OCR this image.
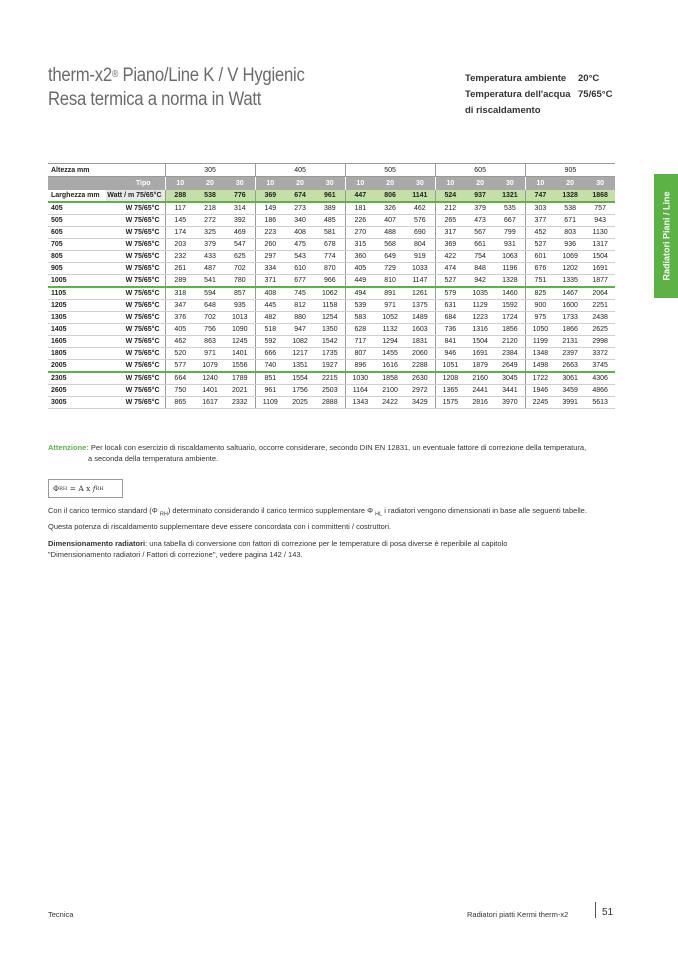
therm-x2® Piano/Line K / V Hygienic
Resa termica a norma in Watt
Temperatura ambiente	20°C
Temperatura dell'acqua 75/65°C
di riscaldamento
Radiatori Piani / Line
Altezza mm		305			405			505			605			905		
Tipo		10	20	30	10	20	30	10	20	30	10	20	30	10	20	30
Larghezza mm	Watt / m 75/65°C	288	538	776	369	674	961	447	806	1141	524	937	1321	747	1328	1868
405	W 75/65°C	117	218	314	149	273	389	181	326	462	212	379	535	303	538	757
505	W 75/65°C	145	272	392	186	340	485	226	407	576	265	473	667	377	671	943
605	W 75/65°C	174	325	469	223	408	581	270	488	690	317	567	799	452	803	1130
705	W 75/65°C	203	379	547	260	475	678	315	568	804	369	661	931	527	936	1317
805	W 75/65°C	232	433	625	297	543	774	360	649	919	422	754	1063	601	1069	1504
905	W 75/65°C	261	487	702	334	610	870	405	729	1033	474	848	1196	676	1202	1691
1005	W 75/65°C	289	541	780	371	677	966	449	810	1147	527	942	1328	751	1335	1877
1105	W 75/65°C	318	594	857	408	745	1062	494	891	1261	579	1035	1460	825	1467	2064
1205	W 75/65°C	347	648	935	445	812	1158	539	971	1375	631	1129	1592	900	1600	2251
1305	W 75/65°C	376	702	1013	482	880	1254	583	1052	1489	684	1223	1724	975	1733	2438
1405	W 75/65°C	405	756	1090	518	947	1350	628	1132	1603	736	1316	1856	1050	1866	2625
1605	W 75/65°C	462	863	1245	592	1082	1542	717	1294	1831	841	1504	2120	1199	2131	2998
1805	W 75/65°C	520	971	1401	666	1217	1735	807	1455	2060	946	1691	2384	1348	2397	3372
2005	W 75/65°C	577	1079	1556	740	1351	1927	896	1616	2288	1051	1879	2649	1498	2663	3745
2305	W 75/65°C	664	1240	1789	851	1554	2215	1030	1858	2630	1208	2160	3045	1722	3061	4306
2605	W 75/65°C	750	1401	2021	961	1756	2503	1164	2100	2972	1365	2441	3441	1946	3459	4866
3005	W 75/65°C	865	1617	2332	1109	2025	2888	1343	2422	3429	1575	2816	3970	2245	3991	5613
Attenzione: Per locali con esercizio di riscaldamento saltuario, occorre considerare, secondo DIN EN 12831, un eventuale fattore di correzione della temperatura,
a seconda della temperatura ambiente.
Φ RH = A x f RH
Con il carico termico standard (Φ $_{RH}$) determinato considerando il carico termico supplementare Φ $_{HL}$ i radiatori vengono dimensionati in base alle seguenti tabelle.
Questa potenza di riscaldamento supplementare deve essere concordata con i committenti / costruttori.
Dimensionamento radiatori: una tabella di conversione con fattori di correzione per le temperature di posa diverse è reperibile al capitolo
"Dimensionamento radiatori / Fattori di correzione", vedere pagina 142 / 143.
Tecnica	Radiatori piatti Kermi therm-x2	51
